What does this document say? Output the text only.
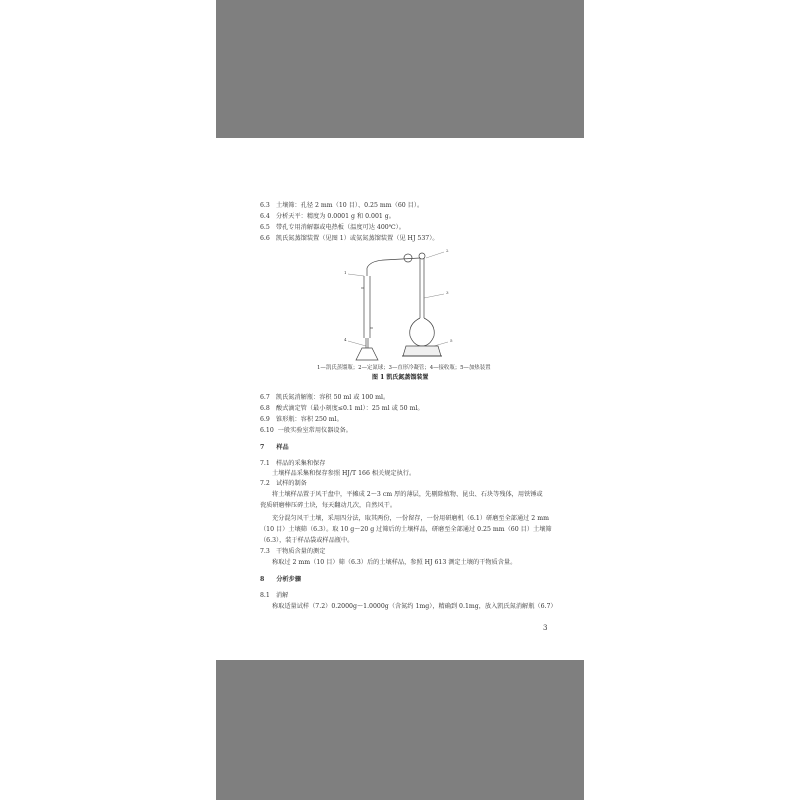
6.3 土壤筛：孔径 2 mm（10 目）、0.25 mm（60 目）。
6.4 分析天平：精度为 0.0001 g 和 0.001 g。
6.5 带孔专用消解器或电热板（温度可达 400℃）。
6.6 凯氏氮蒸馏装置（见图 1）或氨氮蒸馏装置（见 HJ 537）。
1
2
3
4	5
1—凯氏蒸馏瓶；2—定氮球；3—直形冷凝管；4—接收瓶；5—加热装置
图 1 凯氏氮蒸馏装置
6.7 凯氏氮消解瓶：容积 50 ml 或 100 ml。
6.8 酸式滴定管（最小刻度≤0.1 ml）：25 ml 或 50 ml。
6.9 锥形瓶：容积 250 ml。
6.10 一般实验室常用仪器设备。
7 样品
7.1 样品的采集和保存
土壤样品采集和保存参照 HJ/T 166 相关规定执行。
7.2 试样的制备
将土壤样品置于风干盘中，平摊成 2～3 cm 厚的薄层，先剔除植物、昆虫、石块等残体，用铁锤或
瓷质研磨棒压碎土块，每天翻动几次，自然风干。
充分混匀风干土壤，采用四分法，取其两份，一份留存，一份用研磨机（6.1）研磨至全部通过 2 mm
（10 目）土壤筛（6.3）。取 10 g～20 g 过筛后的土壤样品，研磨至全部通过 0.25 mm（60 目）土壤筛
（6.3），装于样品袋或样品瓶中。
7.3 干物质含量的测定
称取过 2 mm（10 目）筛（6.3）后的土壤样品，参照 HJ 613 测定土壤的干物质含量。
8 分析步骤
8.1 消解
称取适量试样（7.2）0.2000g～1.0000g（含氮约 1mg），精确到 0.1mg，放入凯氏氮消解瓶（6.7）
3
